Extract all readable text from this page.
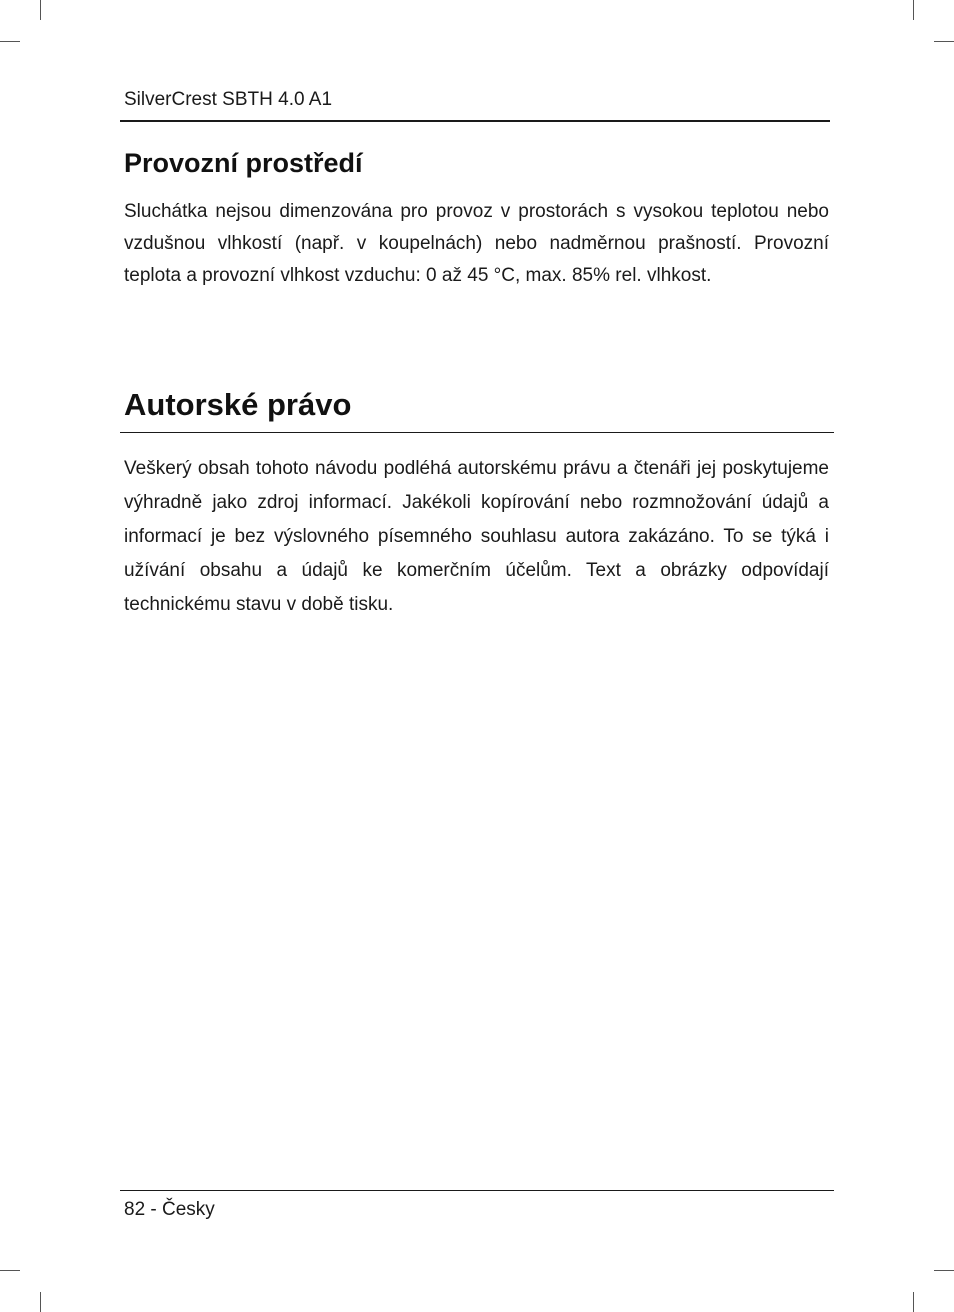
SilverCrest SBTH 4.0 A1
Provozní prostředí

Sluchátka nejsou dimenzována pro provoz v prostorách s vysokou teplotou nebo vzdušnou vlhkostí (např. v koupelnách) nebo nadměrnou prašností. Provozní teplota a provozní vlhkost vzduchu: 0 až 45 °C, max. 85% rel. vlhkost.

Autorské právo

Veškerý obsah tohoto návodu podléhá autorskému právu a čtenáři jej poskytujeme výhradně jako zdroj informací. Jakékoli kopírování nebo rozmnožování údajů a informací je bez výslovného písemného souhlasu autora zakázáno. To se týká i užívání obsahu a údajů ke komerčním účelům. Text a obrázky odpovídají technickému stavu v době tisku.

82 - Česky
